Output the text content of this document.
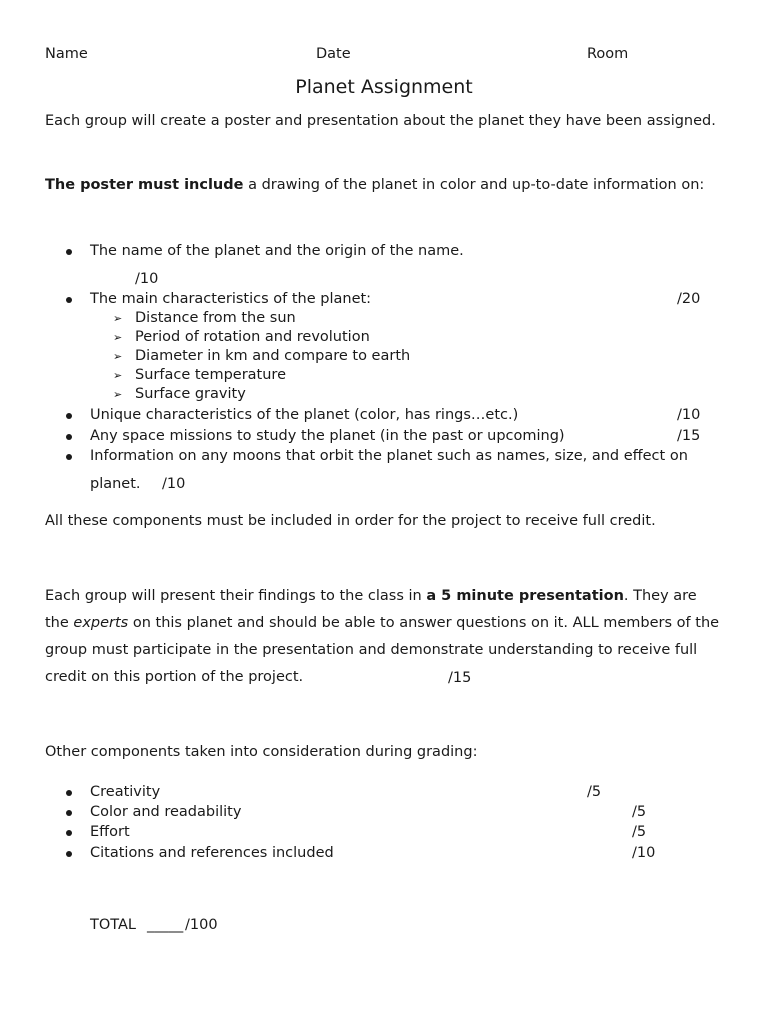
Name	Date	Room
Planet Assignment
Each group will create a poster and presentation about the planet they have been assigned.
The poster must include a drawing of the planet in color and up-to-date information on:
The name of the planet and the origin of the name.
/10
The main characteristics of the planet:	/20
➢ Distance from the sun
➢ Period of rotation and revolution
➢ Diameter in km and compare to earth
➢ Surface temperature
➢ Surface gravity
Unique characteristics of the planet (color, has rings…etc.)	/10
Any space missions to study the planet (in the past or upcoming)	/15
Information on any moons that orbit the planet such as names, size, and effect on
planet. /10
All these components must be included in order for the project to receive full credit.
Each group will present their findings to the class in a 5 minute presentation. They are the experts on this planet and should be able to answer questions on it. ALL members of the group must participate in the presentation and demonstrate understanding to receive full credit on this portion of the project.	/15
Other components taken into consideration during grading:
Creativity	/5
Color and readability	/5
Effort	/5
Citations and references included	/10
TOTAL _____ /100
